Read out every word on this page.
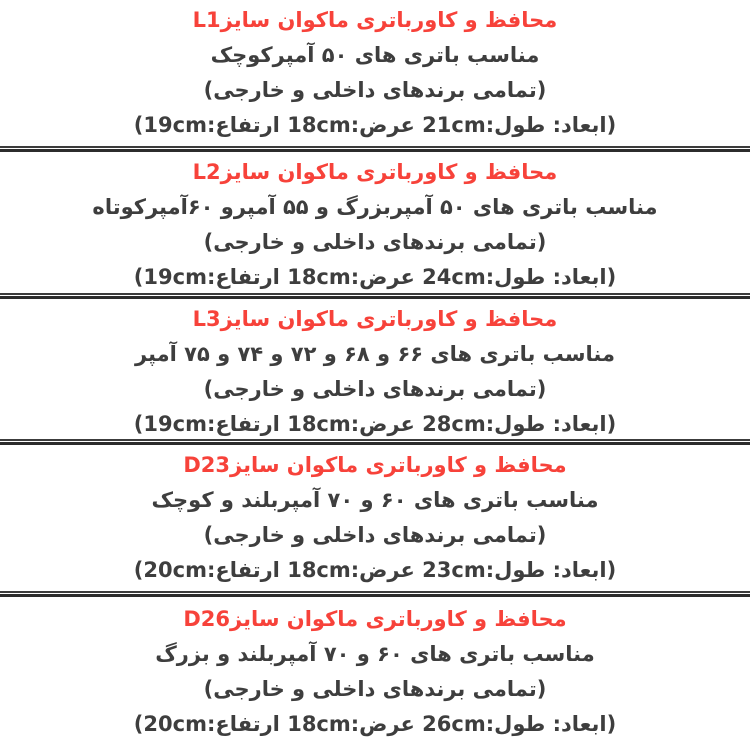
محافظ و کاورباتری ماکوان سایزL1

مناسب باتری های ۵۰ آمپرکوچک

(تمامی برندهای داخلی و خارجی)

(ابعاد: طول:21cm عرض:18cm ارتفاع:19cm)

محافظ و کاورباتری ماکوان سایزL2

مناسب باتری های ۵۰ آمپربزرگ و ۵۵ آمپرو ۶۰آمپرکوتاه

(تمامی برندهای داخلی و خارجی)

(ابعاد: طول:24cm عرض:18cm ارتفاع:19cm)

محافظ و کاورباتری ماکوان سایزL3

مناسب باتری های ۶۶ و ۶۸ و ۷۲ و ۷۴ و ۷۵ آمپر

(تمامی برندهای داخلی و خارجی)

(ابعاد: طول:28cm عرض:18cm ارتفاع:19cm)

محافظ و کاورباتری ماکوان سایزD23

مناسب باتری های ۶۰ و ۷۰ آمپربلند و کوچک

(تمامی برندهای داخلی و خارجی)

(ابعاد: طول:23cm عرض:18cm ارتفاع:20cm)

محافظ و کاورباتری ماکوان سایزD26

مناسب باتری های ۶۰ و ۷۰ آمپربلند و بزرگ

(تمامی برندهای داخلی و خارجی)

(ابعاد: طول:26cm عرض:18cm ارتفاع:20cm)
